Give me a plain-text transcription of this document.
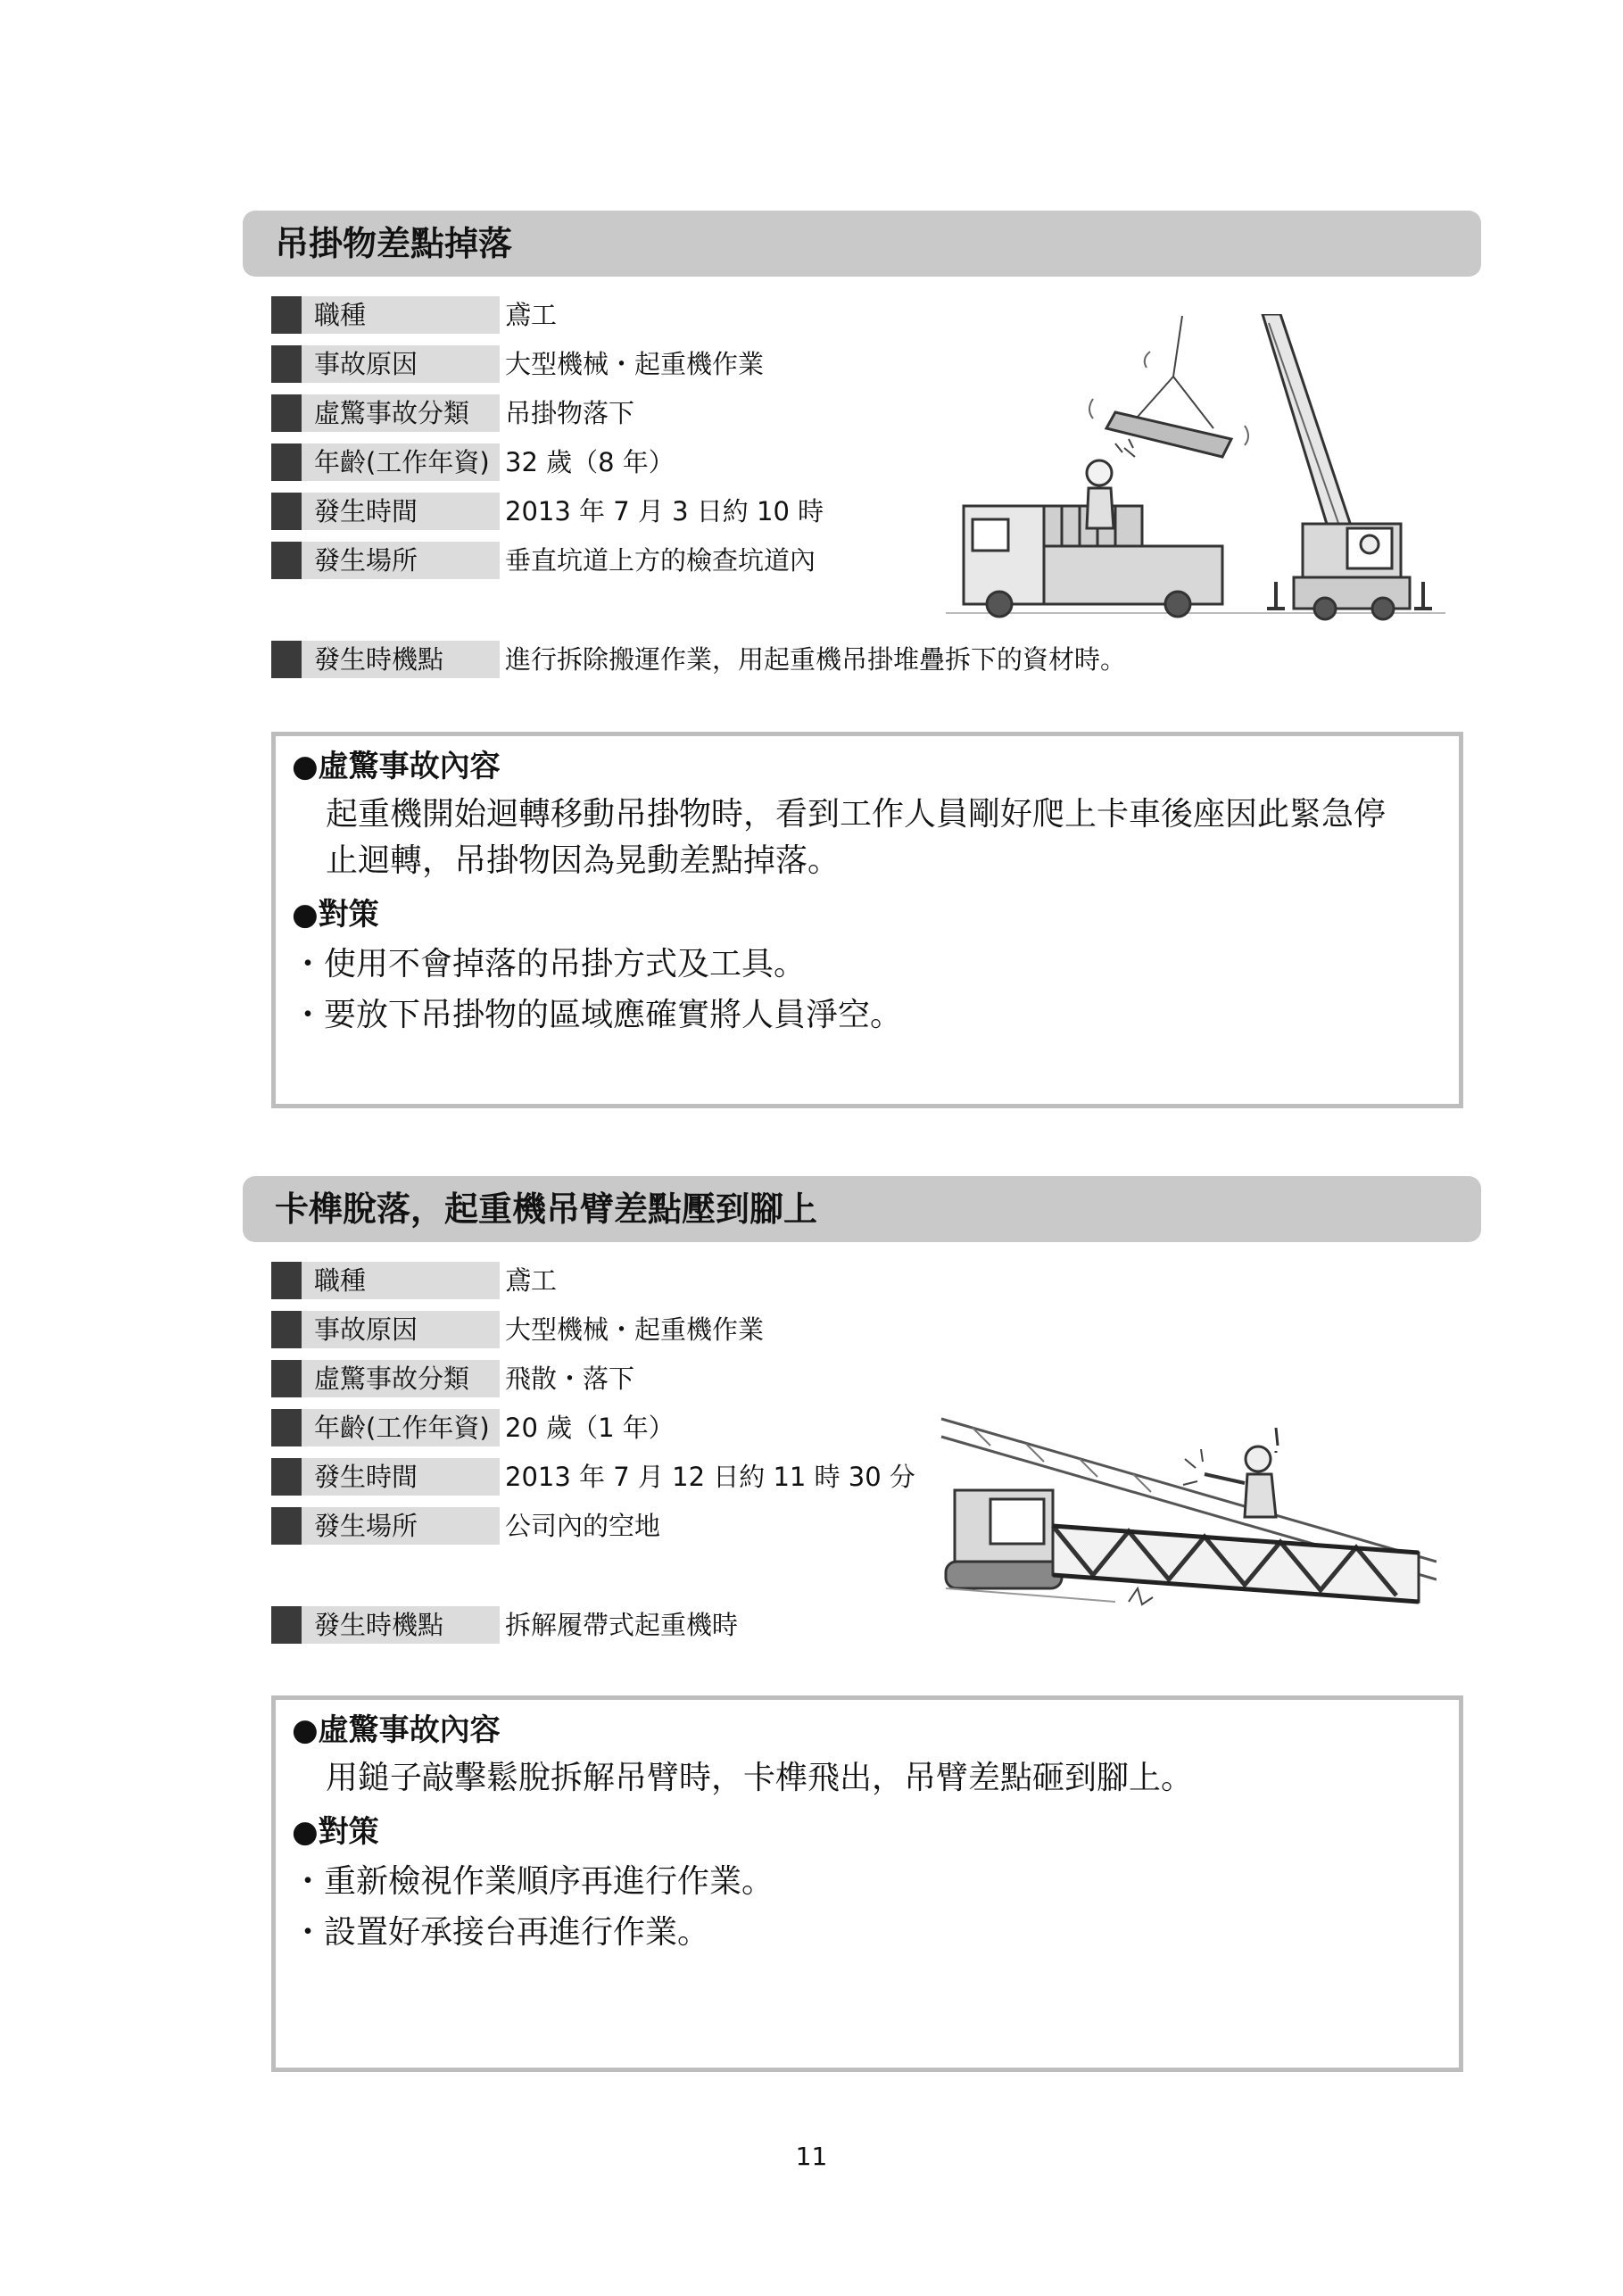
吊掛物差點掉落
職種	鳶工
事故原因	大型機械・起重機作業
虛驚事故分類	吊掛物落下
年齡(工作年資) 32 歲（8 年）
發生時間	2013 年 7 月 3 日約 10 時
發生場所	垂直坑道上方的檢查坑道內
發生時機點	進行拆除搬運作業，用起重機吊掛堆疊拆下的資材時。
●虛驚事故內容
起重機開始迴轉移動吊掛物時，看到工作人員剛好爬上卡車後座因此緊急停
止迴轉，吊掛物因為晃動差點掉落。
●對策
・使用不會掉落的吊掛方式及工具。
・要放下吊掛物的區域應確實將人員淨空。
卡榫脫落，起重機吊臂差點壓到腳上
職種	鳶工
事故原因	大型機械・起重機作業
虛驚事故分類	飛散・落下
年齡(工作年資) 20 歲（1 年）
發生時間	2013 年 7 月 12 日約 11 時 30 分
發生場所	公司內的空地
發生時機點	拆解履帶式起重機時
●虛驚事故內容
用鎚子敲擊鬆脫拆解吊臂時，卡榫飛出，吊臂差點砸到腳上。
●對策
・重新檢視作業順序再進行作業。
・設置好承接台再進行作業。
11
